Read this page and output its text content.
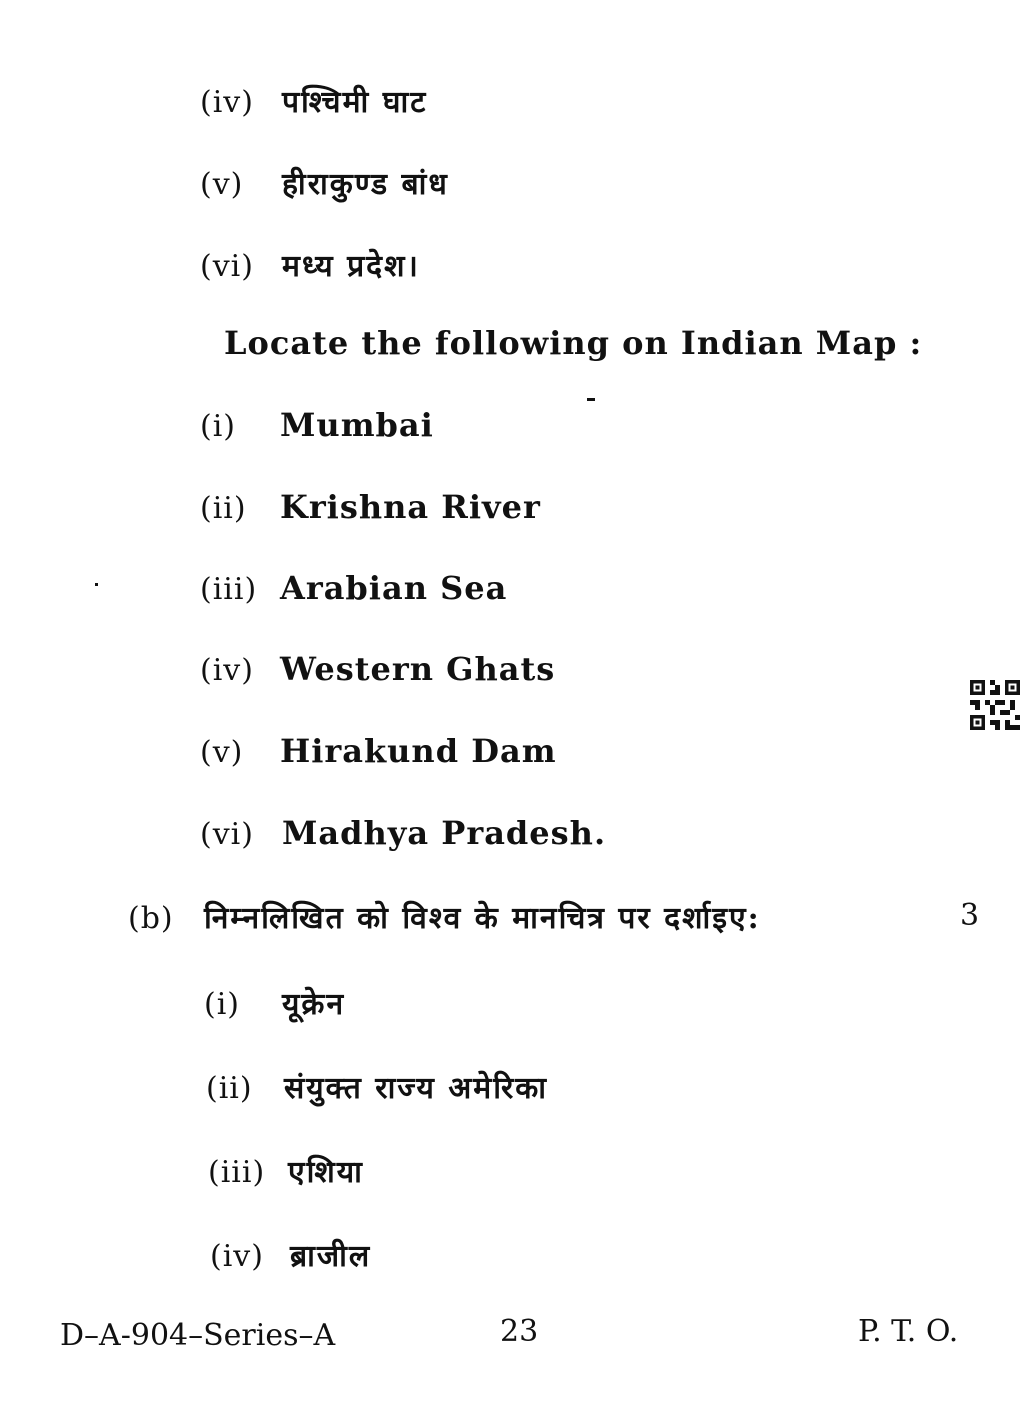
(iv) पश्चिमी घाट
(v)	हीराकुण्ड बांध
(vi) मध्य प्रदेश।
Locate the following on Indian Map :
(i)	Mumbai
(ii)	Krishna River
(iii) Arabian Sea
(iv) Western Ghats
(v)	Hirakund Dam
(vi) Madhya Pradesh.
(b)	निम्नलिखित को विश्व के मानचित्र पर दर्शाइए:	3
(i)	यूक्रेन
(ii)	संयुक्त राज्य अमेरिका
(iii) एशिया
(iv) ब्राजील
D–A-904–Series–A	23	P. T. O.
